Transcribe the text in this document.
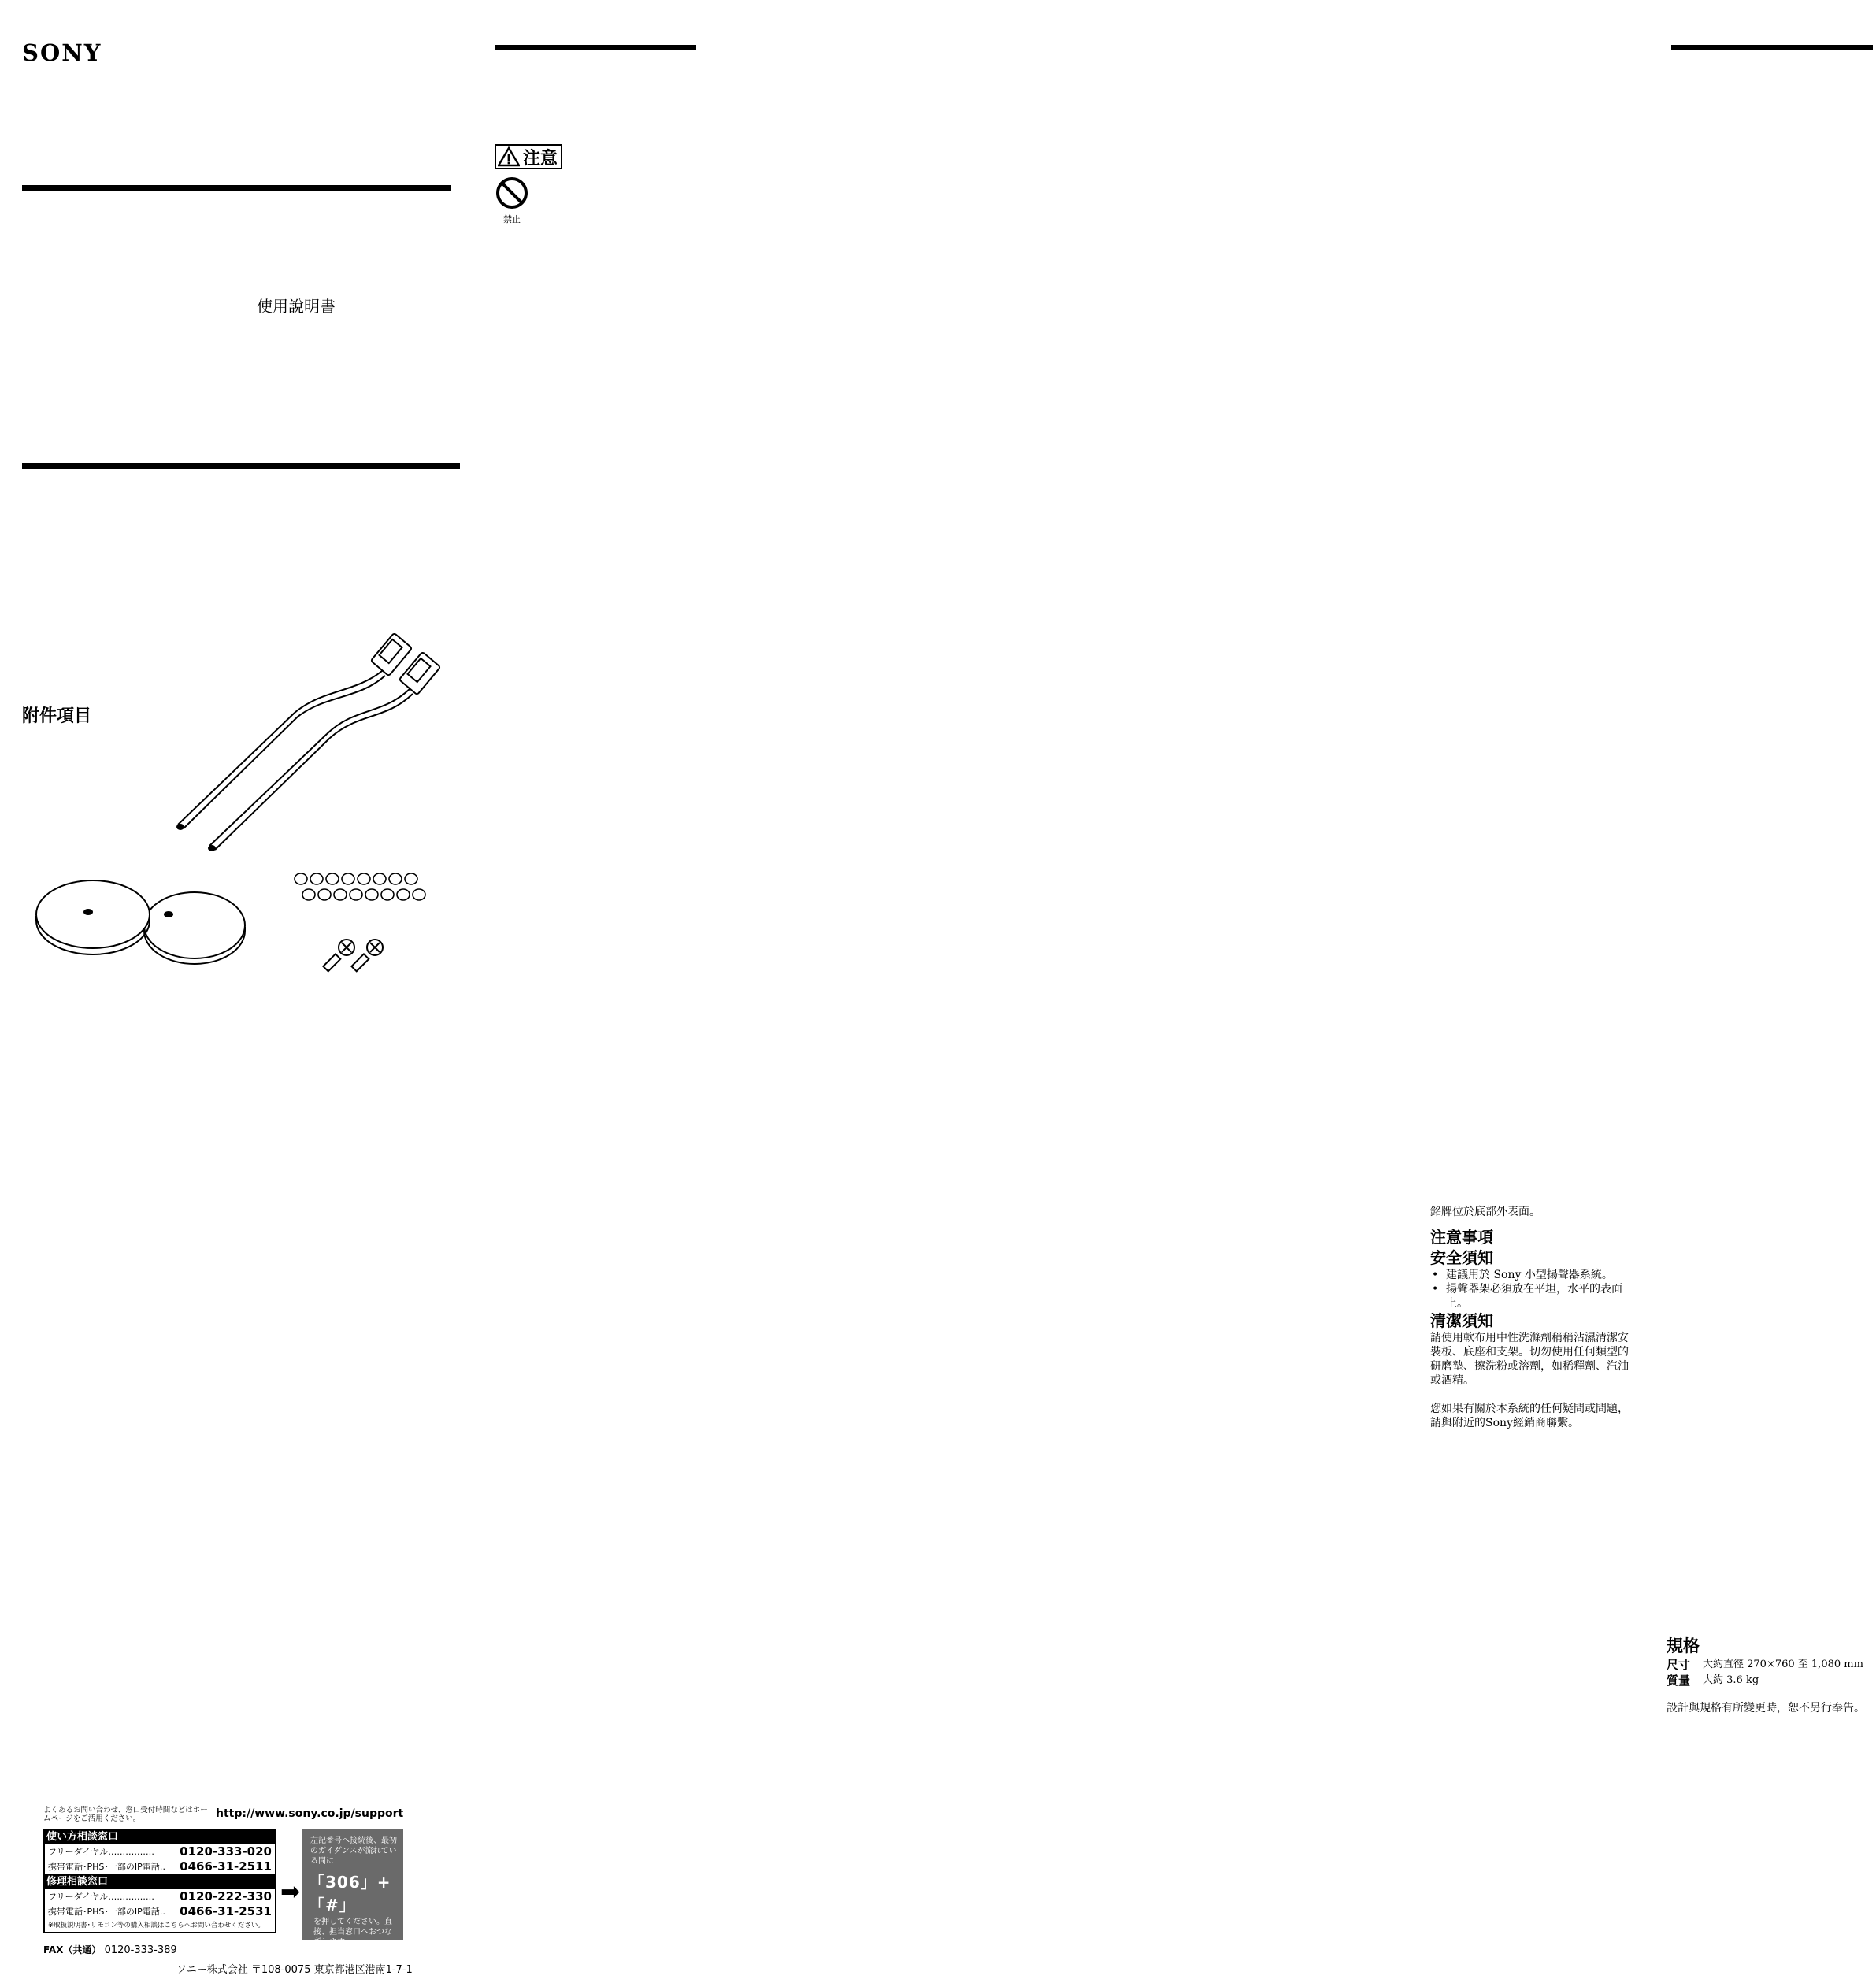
SONY
使用說明書
注意
禁止
附件項目

銘牌位於底部外表面。

注意事項
安全須知
• 建議用於 Sony 小型揚聲器系統。
• 揚聲器架必須放在平坦，水平的表面上。
清潔須知

請使用軟布用中性洗滌劑稍稍沾濕清潔安裝板、底座和支架。切勿使用任何類型的研磨墊、擦洗粉或溶劑，如稀釋劑、汽油或酒精。

您如果有關於本系統的任何疑問或問題，請與附近的Sony經銷商聯繫。

規格
尺寸	大約直徑 270×760 至 1,080 mm
質量	大約 3.6 kg

設計與規格有所變更時，恕不另行奉告。

よくあるお問い合わせ、窓口受付時間などはホームページをご活用ください。	http://www.sony.co.jp/support
使い方相談窓口
フリーダイヤル‥‥‥‥‥‥‥‥	0120-333-020
携帯電話･PHS･一部のIP電話‥	0466-31-2511
修理相談窓口
フリーダイヤル‥‥‥‥‥‥‥‥	0120-222-330
携帯電話･PHS･一部のIP電話‥	0466-31-2531
※取扱説明書･リモコン等の購入相談はこちらへお問い合わせください。
FAX（共通） 0120-333-389
➡
左記番号へ接続後、最初のガイダンスが流れている間に
「306」+「#」
を押してください。直接、担当窓口へおつなぎします。
ソニー株式会社 〒108-0075 東京都港区港南1-7-1
